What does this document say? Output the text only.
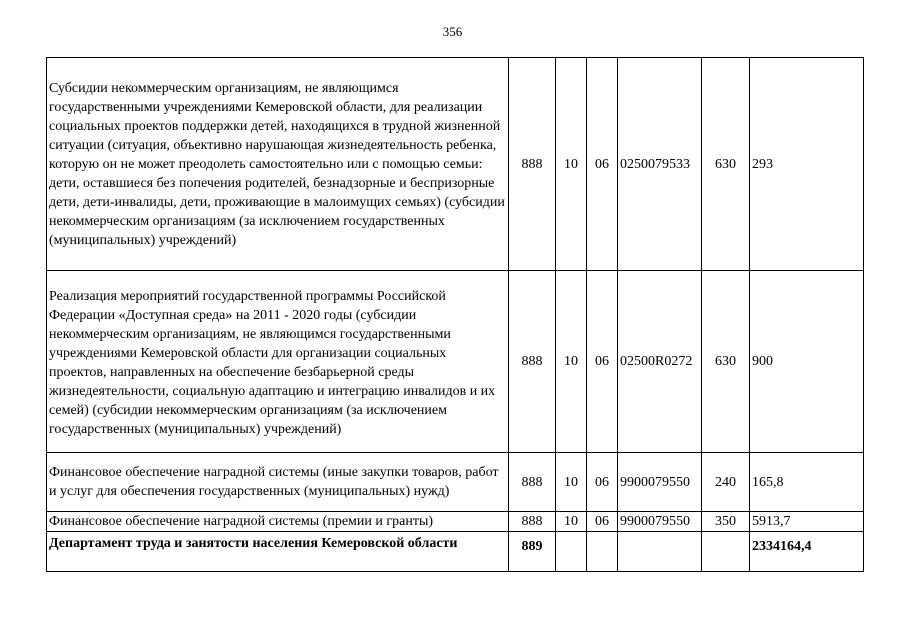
356
Субсидии некоммерческим организациям, не являющимся государственными учреждениями Кемеровской области, для реализации социальных проектов поддержки детей, находящихся в трудной жизненной ситуации (ситуация, объективно нарушающая жизнедеятельность ребенка, которую он не может преодолеть самостоятельно или с помощью семьи: дети, оставшиеся без попечения родителей, безнадзорные и беспризорные дети, дети-инвалиды, дети, проживающие в малоимущих семьях) (субсидии некоммерческим организациям (за исключением государственных (муниципальных) учреждений)	888	10	06	0250079533	630	293
Реализация мероприятий государственной программы Российской Федерации «Доступная среда» на 2011 - 2020 годы (субсидии некоммерческим организациям, не являющимся государственными учреждениями Кемеровской области для организации социальных проектов, направленных на обеспечение безбарьерной среды жизнедеятельности, социальную адаптацию и интеграцию инвалидов и их семей) (субсидии некоммерческим организациям (за исключением государственных (муниципальных) учреждений)	888	10	06	02500R0272	630	900
Финансовое обеспечение наградной системы (иные закупки товаров, работ и услуг для обеспечения государственных (муниципальных) нужд)	888	10	06	9900079550	240	165,8
Финансовое обеспечение наградной системы (премии и гранты)	888	10	06	9900079550	350	5913,7
Департамент труда и занятости населения Кемеровской области	889					2334164,4
